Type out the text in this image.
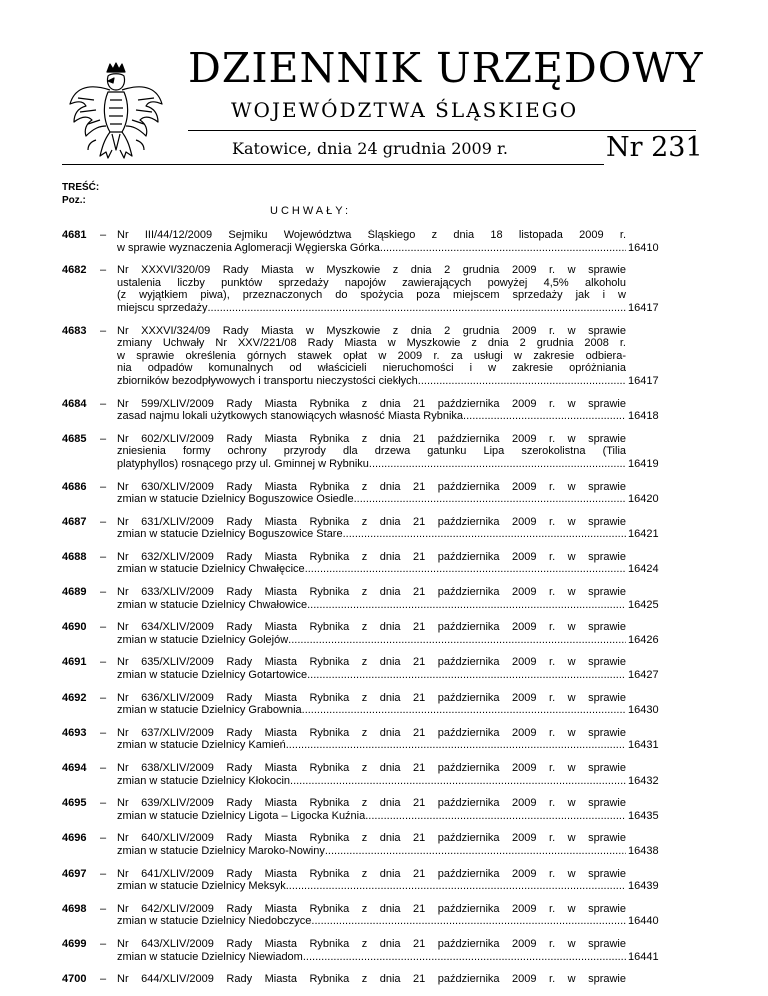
DZIENNIK URZĘDOWY
WOJEWÓDZTWA ŚLĄSKIEGO
Katowice, dnia 24 grudnia 2009 r.	Nr 231
TREŚĆ:
Poz.:
UCHWAŁY:
4681 – Nr III/44/12/2009 Sejmiku Województwa Śląskiego z dnia 18 listopada 2009 r.
w sprawie wyznaczenia Aglomeracji Węgierska Górka .....	16410
4682 – Nr XXXVI/320/09 Rady Miasta w Myszkowie z dnia 2 grudnia 2009 r. w sprawie
ustalenia liczby punktów sprzedaży napojów zawierających powyżej 4,5% alkoholu
(z wyjątkiem piwa), przeznaczonych do spożycia poza miejscem sprzedaży jak i w
miejscu sprzedaży .....	16417
4683 – Nr XXXVI/324/09 Rady Miasta w Myszkowie z dnia 2 grudnia 2009 r. w sprawie
zmiany Uchwały Nr XXV/221/08 Rady Miasta w Myszkowie z dnia 2 grudnia 2008 r.
w sprawie określenia górnych stawek opłat w 2009 r. za usługi w zakresie odbiera-
nia odpadów komunalnych od właścicieli nieruchomości i w zakresie opróżniania
zbiorników bezodpływowych i transportu nieczystości ciekłych .....	16417
4684 – Nr 599/XLIV/2009 Rady Miasta Rybnika z dnia 21 października 2009 r. w sprawie
zasad najmu lokali użytkowych stanowiących własność Miasta Rybnika .....	16418
4685 – Nr 602/XLIV/2009 Rady Miasta Rybnika z dnia 21 października 2009 r. w sprawie
zniesienia formy ochrony przyrody dla drzewa gatunku Lipa szerokolistna (Tilia
platyphyllos) rosnącego przy ul. Gminnej w Rybniku .....	16419
4686 – Nr 630/XLIV/2009 Rady Miasta Rybnika z dnia 21 października 2009 r. w sprawie
zmian w statucie Dzielnicy Boguszowice Osiedle .....	16420
4687 – Nr 631/XLIV/2009 Rady Miasta Rybnika z dnia 21 października 2009 r. w sprawie
zmian w statucie Dzielnicy Boguszowice Stare .....	16421
4688 – Nr 632/XLIV/2009 Rady Miasta Rybnika z dnia 21 października 2009 r. w sprawie
zmian w statucie Dzielnicy Chwałęcice .....	16424
4689 – Nr 633/XLIV/2009 Rady Miasta Rybnika z dnia 21 października 2009 r. w sprawie
zmian w statucie Dzielnicy Chwałowice .....	16425
4690 – Nr 634/XLIV/2009 Rady Miasta Rybnika z dnia 21 października 2009 r. w sprawie
zmian w statucie Dzielnicy Golejów .....	16426
4691 – Nr 635/XLIV/2009 Rady Miasta Rybnika z dnia 21 października 2009 r. w sprawie
zmian w statucie Dzielnicy Gotartowice .....	16427
4692 – Nr 636/XLIV/2009 Rady Miasta Rybnika z dnia 21 października 2009 r. w sprawie
zmian w statucie Dzielnicy Grabownia .....	16430
4693 – Nr 637/XLIV/2009 Rady Miasta Rybnika z dnia 21 października 2009 r. w sprawie
zmian w statucie Dzielnicy Kamień .....	16431
4694 – Nr 638/XLIV/2009 Rady Miasta Rybnika z dnia 21 października 2009 r. w sprawie
zmian w statucie Dzielnicy Kłokocin .....	16432
4695 – Nr 639/XLIV/2009 Rady Miasta Rybnika z dnia 21 października 2009 r. w sprawie
zmian w statucie Dzielnicy Ligota – Ligocka Kuźnia .....	16435
4696 – Nr 640/XLIV/2009 Rady Miasta Rybnika z dnia 21 października 2009 r. w sprawie
zmian w statucie Dzielnicy Maroko-Nowiny .....	16438
4697 – Nr 641/XLIV/2009 Rady Miasta Rybnika z dnia 21 października 2009 r. w sprawie
zmian w statucie Dzielnicy Meksyk .....	16439
4698 – Nr 642/XLIV/2009 Rady Miasta Rybnika z dnia 21 października 2009 r. w sprawie
zmian w statucie Dzielnicy Niedobczyce .....	16440
4699 – Nr 643/XLIV/2009 Rady Miasta Rybnika z dnia 21 października 2009 r. w sprawie
zmian w statucie Dzielnicy Niewiadom .....	16441
4700 – Nr 644/XLIV/2009 Rady Miasta Rybnika z dnia 21 października 2009 r. w sprawie
